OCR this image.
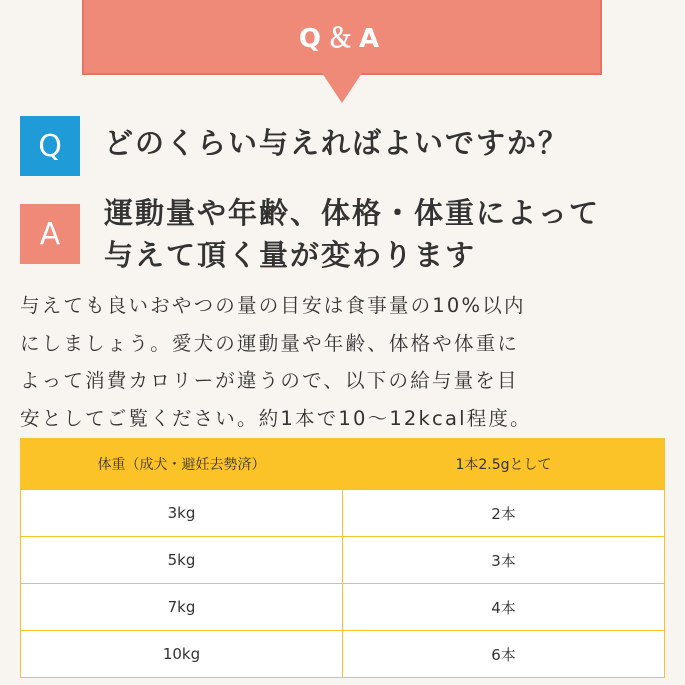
Q＆A
Q	どのくらい与えればよいですか？
A
運動量や年齢、体格・体重によって
与えて頂く量が変わります
与えても良いおやつの量の目安は食事量の10%以内
にしましょう。愛犬の運動量や年齢、体格や体重に
よって消費カロリーが違うので、以下の給与量を目
安としてご覧ください。約1本で10〜12kcal程度。
体重（成犬・避妊去勢済）	1本2.5gとして
3kg	2本
5kg	3本
7kg	4本
10kg	6本
